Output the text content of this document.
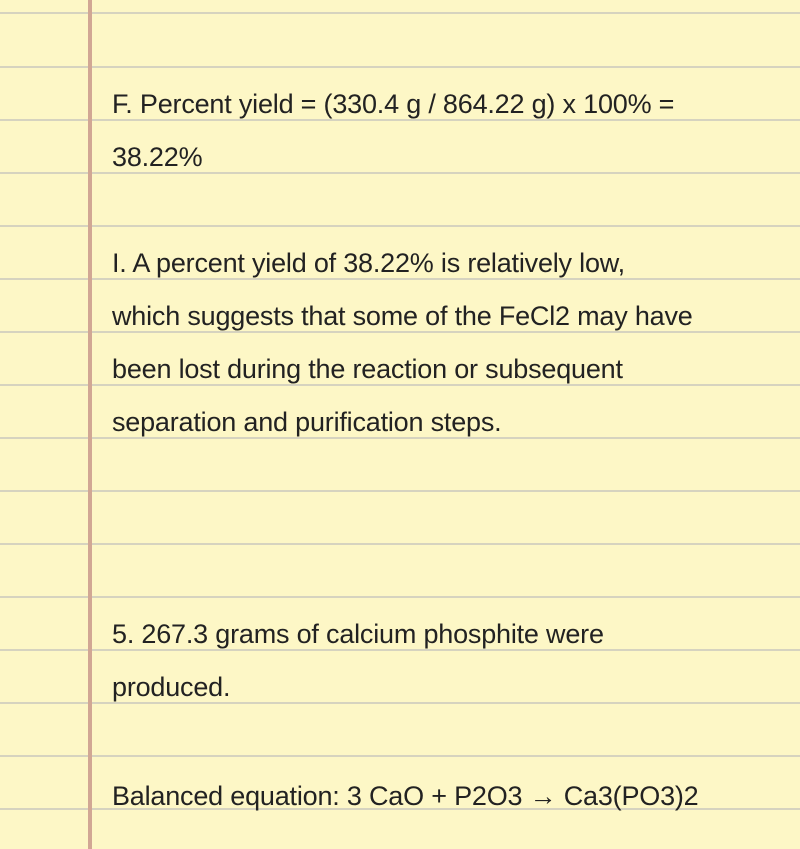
F. Percent yield = (330.4 g / 864.22 g) x 100% =
38.22%
I. A percent yield of 38.22% is relatively low,
which suggests that some of the FeCl2 may have
been lost during the reaction or subsequent
separation and purification steps.
5. 267.3 grams of calcium phosphite were
produced.
Balanced equation: 3 CaO + P2O3 → Ca3(PO3)2
